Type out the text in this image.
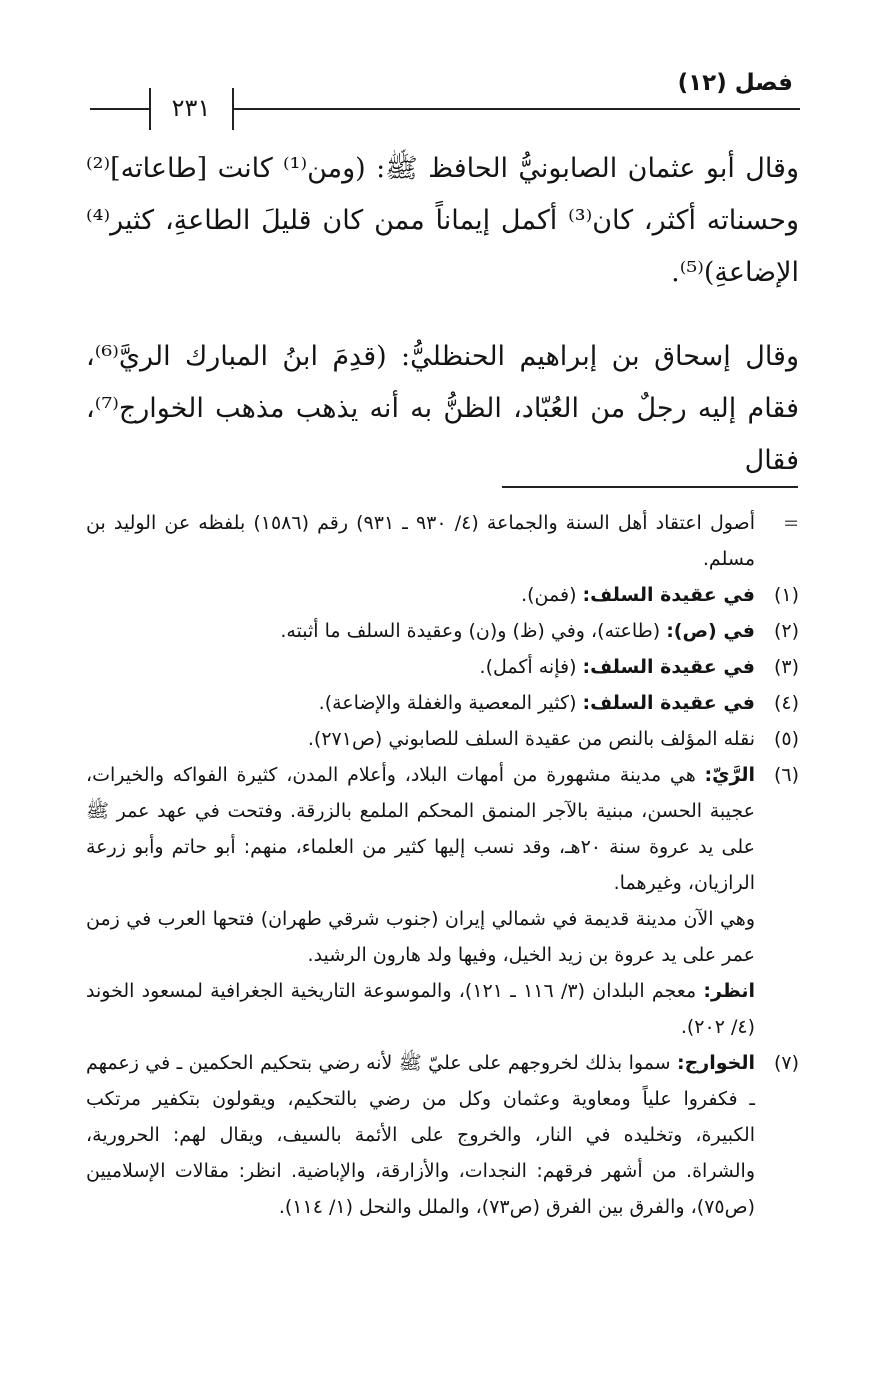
فصل (١٢)
٢٣١

وقال أبو عثمان الصابونيُّ الحافظ ﷺ: (ومن⁽¹⁾ كانت [طاعاته]⁽²⁾ وحسناته أكثر، كان⁽³⁾ أكمل إيماناً ممن كان قليلَ الطاعةِ، كثير⁽⁴⁾ الإضاعةِ)⁽⁵⁾.

وقال إسحاق بن إبراهيم الحنظليُّ: (قدِمَ ابنُ المبارك الريَّ⁽⁶⁾، فقام إليه رجلٌ من العُبّاد، الظنُّ به أنه يذهب مذهب الخوارج⁽⁷⁾، فقال

=
أصول اعتقاد أهل السنة والجماعة (٤/ ٩٣٠ ـ ٩٣١) رقم (١٥٨٦) بلفظه عن الوليد بن مسلم.
(١)
في عقيدة السلف: (فمن).
(٢)
في (ص): (طاعته)، وفي (ظ) و(ن) وعقيدة السلف ما أثبته.
(٣)
في عقيدة السلف: (فإنه أكمل).
(٤)
في عقيدة السلف: (كثير المعصية والغفلة والإضاعة).
(٥)
نقله المؤلف بالنص من عقيدة السلف للصابوني (ص٢٧١).
(٦)
الرَّيّ: هي مدينة مشهورة من أمهات البلاد، وأعلام المدن، كثيرة الفواكه والخيرات، عجيبة الحسن، مبنية بالآجر المنمق المحكم الملمع بالزرقة. وفتحت في عهد عمر ﷺ على يد عروة سنة ٢٠هـ، وقد نسب إليها كثير من العلماء، منهم: أبو حاتم وأبو زرعة الرازيان، وغيرهما.
وهي الآن مدينة قديمة في شمالي إيران (جنوب شرقي طهران) فتحها العرب في زمن عمر على يد عروة بن زيد الخيل، وفيها ولد هارون الرشيد.
انظر: معجم البلدان (٣/ ١١٦ ـ ١٢١)، والموسوعة التاريخية الجغرافية لمسعود الخوند (٤/ ٢٠٢).
(٧)
الخوارج: سموا بذلك لخروجهم على عليّ ﷺ لأنه رضي بتحكيم الحكمين ـ في زعمهم ـ فكفروا علياً ومعاوية وعثمان وكل من رضي بالتحكيم، ويقولون بتكفير مرتكب الكبيرة، وتخليده في النار، والخروج على الأئمة بالسيف، ويقال لهم: الحرورية، والشراة. من أشهر فرقهم: النجدات، والأزارقة، والإباضية. انظر: مقالات الإسلاميين (ص٧٥)، والفرق بين الفرق (ص٧٣)، والملل والنحل (١/ ١١٤).
